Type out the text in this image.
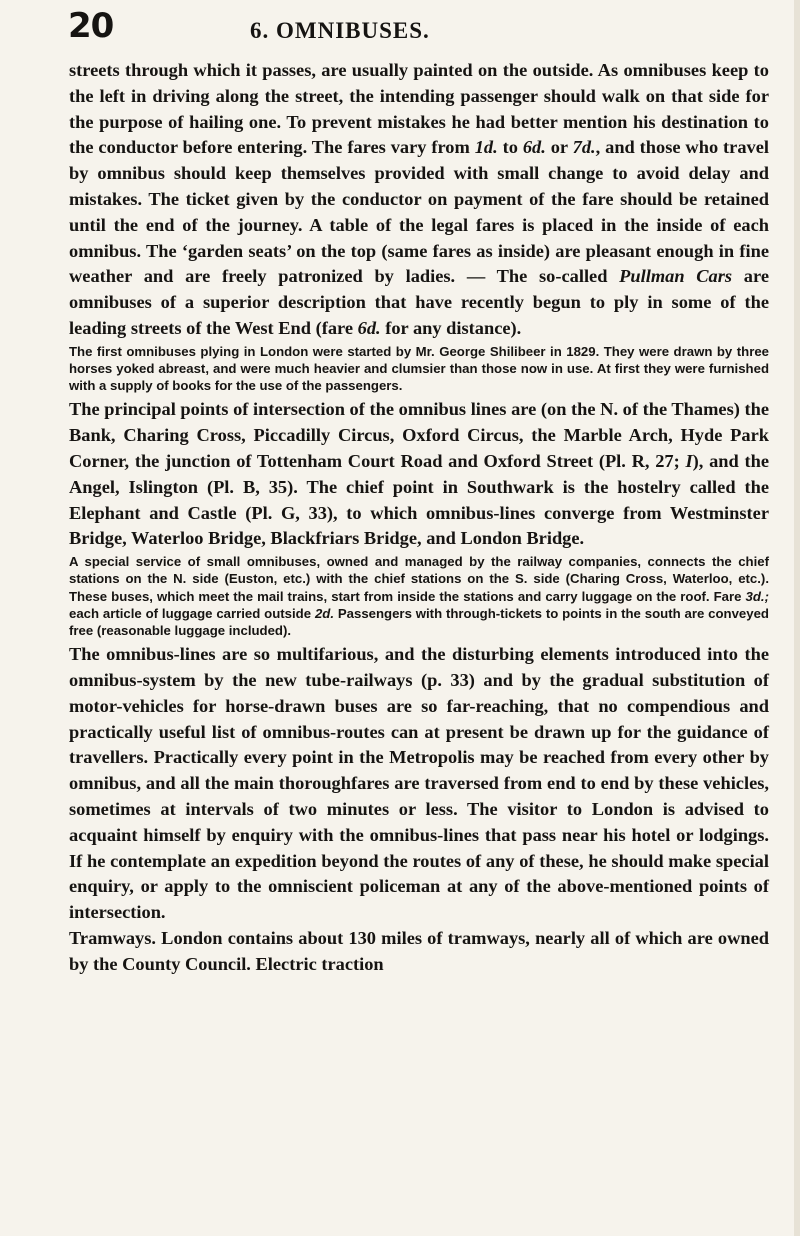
20	6. OMNIBUSES.

streets through which it passes, are usually painted on the outside. As omnibuses keep to the left in driving along the street, the intending passenger should walk on that side for the purpose of hailing one. To prevent mistakes he had better mention his destination to the conductor before entering. The fares vary from 1d. to 6d. or 7d., and those who travel by omnibus should keep themselves provided with small change to avoid delay and mistakes. The ticket given by the conductor on payment of the fare should be retained until the end of the journey. A table of the legal fares is placed in the inside of each omnibus. The ‘garden seats’ on the top (same fares as inside) are pleasant enough in fine weather and are freely patronized by ladies. — The so-called Pullman Cars are omnibuses of a superior description that have recently begun to ply in some of the leading streets of the West End (fare 6d. for any distance).

The first omnibuses plying in London were started by Mr. George Shilibeer in 1829. They were drawn by three horses yoked abreast, and were much heavier and clumsier than those now in use. At first they were furnished with a supply of books for the use of the passengers.

The principal points of intersection of the omnibus lines are (on the N. of the Thames) the Bank, Charing Cross, Piccadilly Circus, Oxford Circus, the Marble Arch, Hyde Park Corner, the junction of Tottenham Court Road and Oxford Street (Pl. R, 27; I), and the Angel, Islington (Pl. B, 35). The chief point in Southwark is the hostelry called the Elephant and Castle (Pl. G, 33), to which omnibus-lines converge from Westminster Bridge, Waterloo Bridge, Blackfriars Bridge, and London Bridge.

A special service of small omnibuses, owned and managed by the railway companies, connects the chief stations on the N. side (Euston, etc.) with the chief stations on the S. side (Charing Cross, Waterloo, etc.). These buses, which meet the mail trains, start from inside the stations and carry luggage on the roof. Fare 3d.; each article of luggage carried outside 2d. Passengers with through-tickets to points in the south are conveyed free (reasonable luggage included).

The omnibus-lines are so multifarious, and the disturbing elements introduced into the omnibus-system by the new tube-railways (p. 33) and by the gradual substitution of motor-vehicles for horse-drawn buses are so far-reaching, that no compendious and practically useful list of omnibus-routes can at present be drawn up for the guidance of travellers. Practically every point in the Metropolis may be reached from every other by omnibus, and all the main thoroughfares are traversed from end to end by these vehicles, sometimes at intervals of two minutes or less. The visitor to London is advised to acquaint himself by enquiry with the omnibus-lines that pass near his hotel or lodgings. If he contemplate an expedition beyond the routes of any of these, he should make special enquiry, or apply to the omniscient policeman at any of the above-mentioned points of intersection.

Tramways. London contains about 130 miles of tramways, nearly all of which are owned by the County Council. Electric traction
